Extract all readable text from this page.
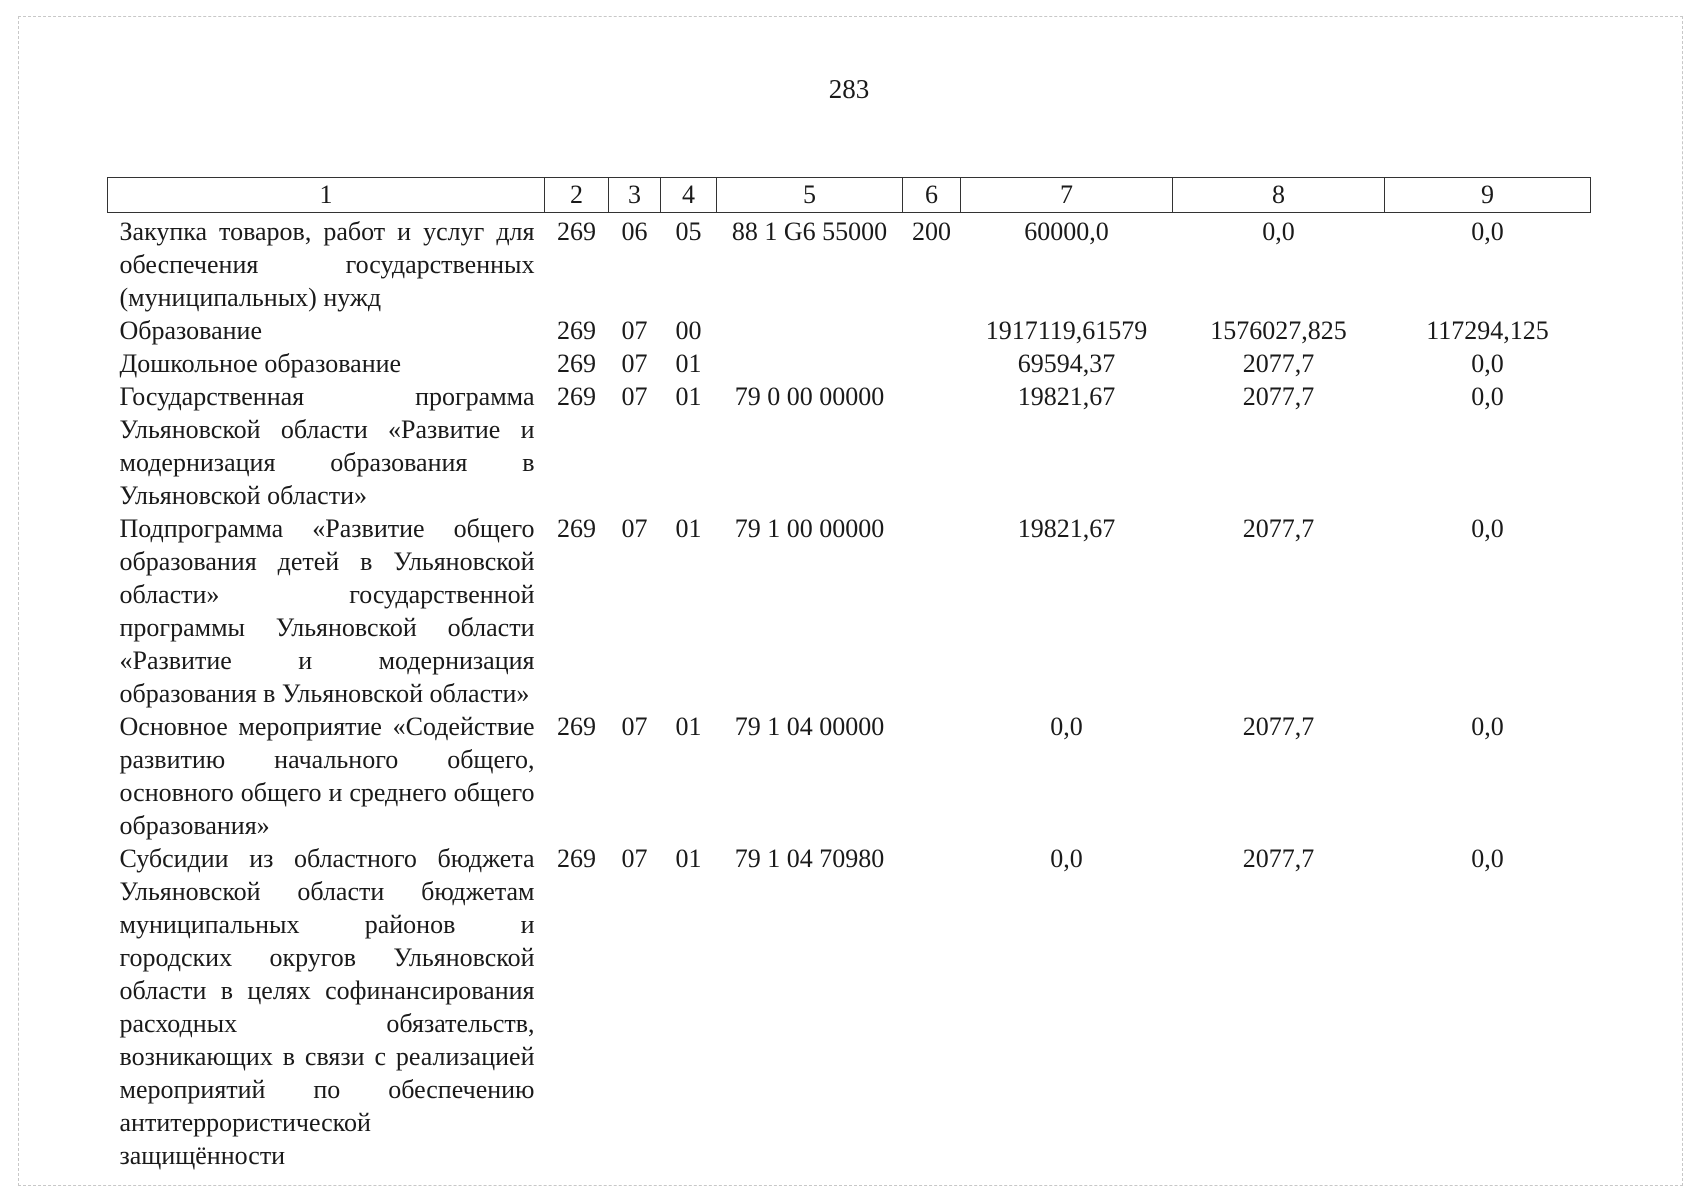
283
1	2	3	4	5	6	7	8	9
Закупка товаров, работ и услуг для обеспечения государственных (муниципальных) нужд	269	06	05	88 1 G6 55000	200	60000,0	0,0	0,0
Образование	269	07	00			1917119,61579	1576027,825	117294,125
Дошкольное образование	269	07	01			69594,37	2077,7	0,0
Государственная программа Ульяновской области «Развитие и модернизация образования в Ульяновской области»	269	07	01	79 0 00 00000		19821,67	2077,7	0,0
Подпрограмма «Развитие общего образования детей в Ульяновской области» государственной программы Ульяновской области «Развитие и модернизация образования в Ульяновской области»	269	07	01	79 1 00 00000		19821,67	2077,7	0,0
Основное мероприятие «Содействие развитию начального общего, основного общего и среднего общего образования»	269	07	01	79 1 04 00000		0,0	2077,7	0,0
Субсидии из областного бюджета Ульяновской области бюджетам муниципальных районов и городских округов Ульяновской области в целях софинансирования расходных обязательств, возникающих в связи с реализацией мероприятий по обеспечению антитеррористической защищённости	269	07	01	79 1 04 70980		0,0	2077,7	0,0
